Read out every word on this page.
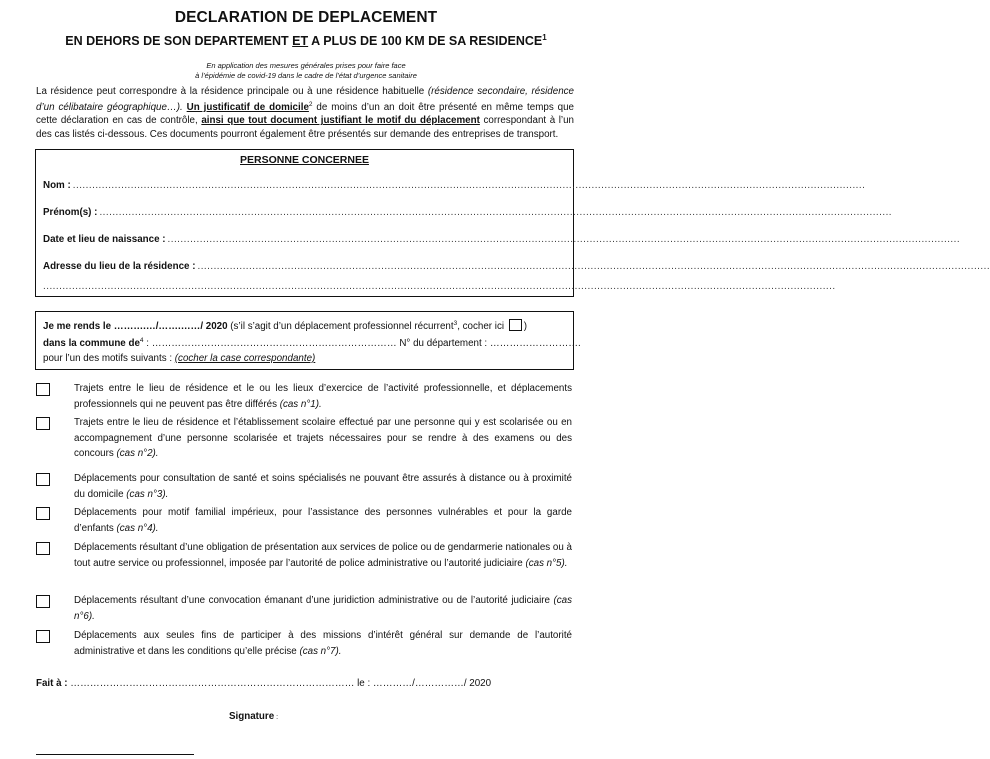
DECLARATION DE DEPLACEMENT
EN DEHORS DE SON DEPARTEMENT ET A PLUS DE 100 KM DE SA RESIDENCE$^1$
En application des mesures générales prises pour faire face
à l’épidémie de covid-19 dans le cadre de l’état d’urgence sanitaire
La résidence peut correspondre à la résidence principale ou à une résidence habituelle (résidence secondaire, résidence d’un célibataire géographique…). Un justificatif de domicile$^2$ de moins d’un an doit être présenté en même temps que cette déclaration en cas de contrôle, ainsi que tout document justifiant le motif du déplacement correspondant à l’un des cas listés ci-dessous. Ces documents pourront également être présentés sur demande des entreprises de transport.
PERSONNE CONCERNEE
Nom : ......................................................................................................................................................................................................................................................
Prénom(s) : ......................................................................................................................................................................................................................................................
Date et lieu de naissance : ......................................................................................................................................................................................................................................................
Adresse du lieu de la résidence : ......................................................................................................................................................................................................................................................
......................................................................................................................................................................................................................................................
Je me rends le ……….…/…….……/ 2020 (s’il s’agit d’un déplacement professionnel récurrent$^3$, cocher ici )
dans la commune $de^4$ : ………………………………………………………………… N° du département : ……………………….
pour l’un des motifs suivants : (cocher la case correspondante)
Trajets entre le lieu de résidence et le ou les lieux d’exercice de l’activité professionnelle, et déplacements professionnels qui ne peuvent pas être différés (cas n°1).
Trajets entre le lieu de résidence et l’établissement scolaire effectué par une personne qui y est scolarisée ou en accompagnement d’une personne scolarisée et trajets nécessaires pour se rendre à des examens ou des concours (cas n°2).
Déplacements pour consultation de santé et soins spécialisés ne pouvant être assurés à distance ou à proximité du domicile (cas n°3).
Déplacements pour motif familial impérieux, pour l’assistance des personnes vulnérables et pour la garde d’enfants (cas n°4).
Déplacements résultant d’une obligation de présentation aux services de police ou de gendarmerie nationales ou à tout autre service ou professionnel, imposée par l’autorité de police administrative ou l’autorité judiciaire (cas n°5).
Déplacements résultant d’une convocation émanant d’une juridiction administrative ou de l’autorité judiciaire (cas n°6).
Déplacements aux seules fins de participer à des missions d’intérêt général sur demande de l’autorité administrative et dans les conditions qu’elle précise (cas n°7).
Fait à : …………………………………………………………………………… le : …………/……………/ 2020
Signature :
